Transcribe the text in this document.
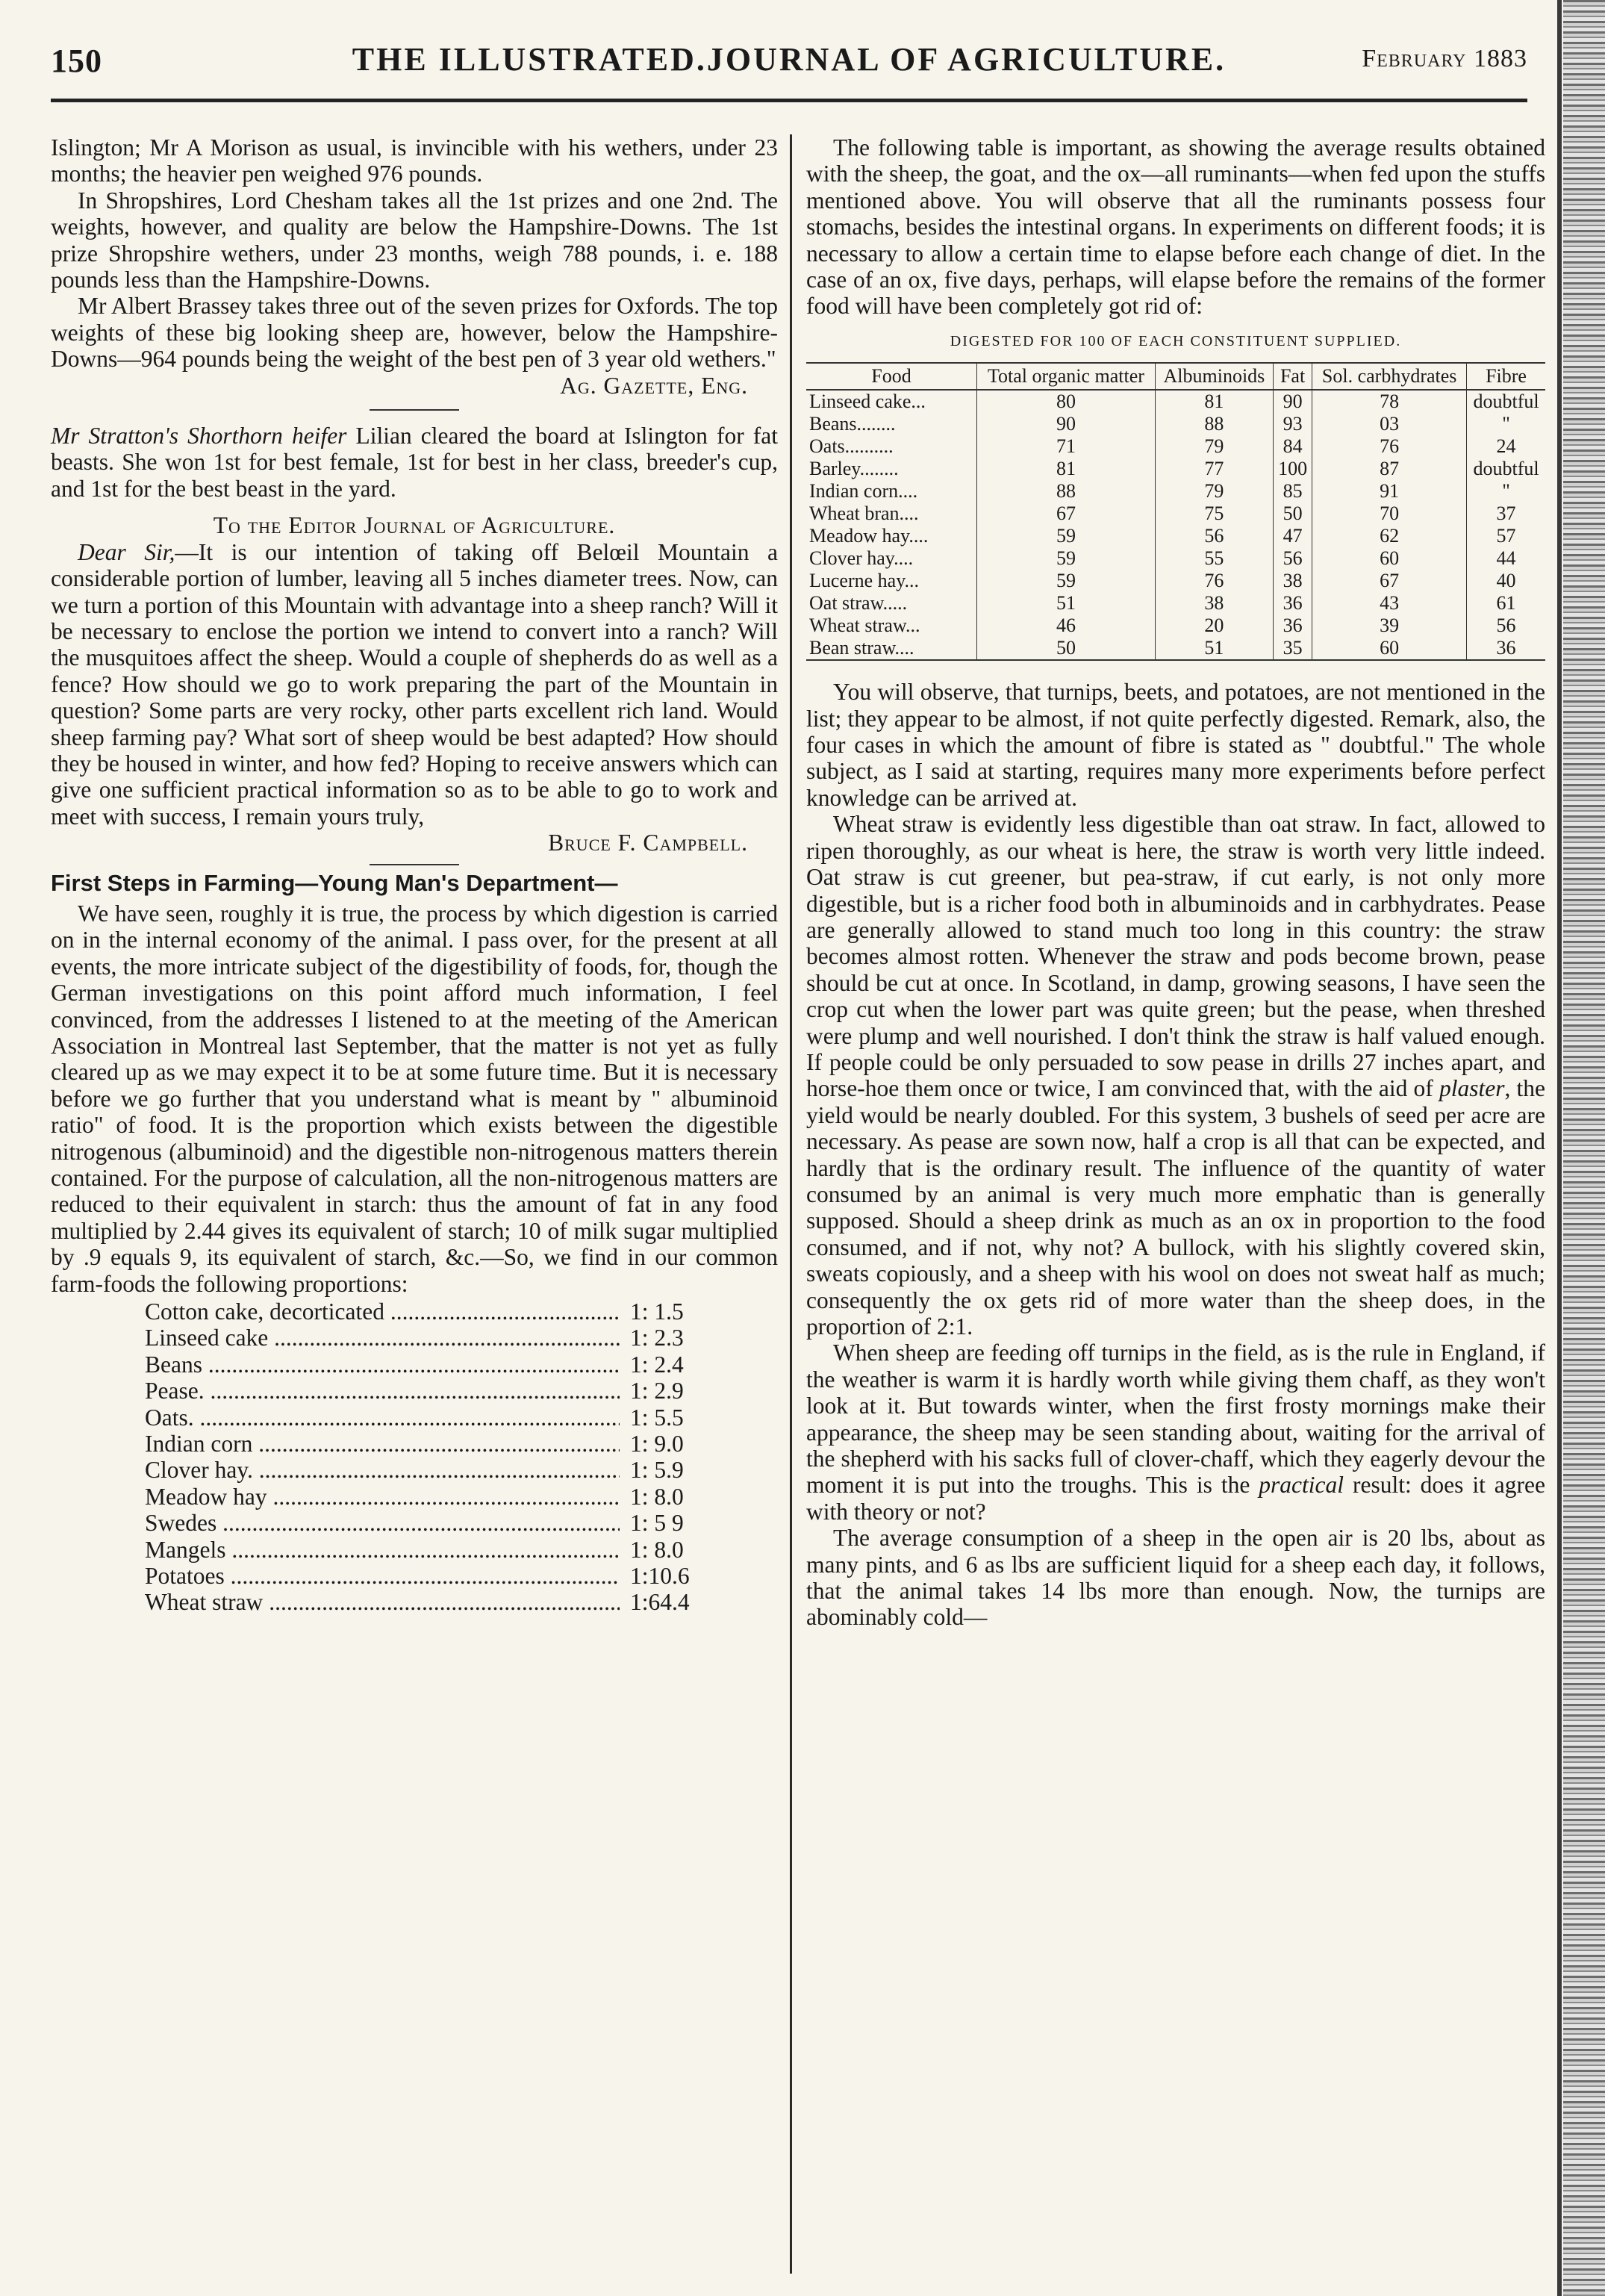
150	THE ILLUSTRATED.JOURNAL OF AGRICULTURE.	February 1883

Islington; Mr A Morison as usual, is invincible with his wethers, under 23 months; the heavier pen weighed 976 pounds.

In Shropshires, Lord Chesham takes all the 1st prizes and one 2nd. The weights, however, and quality are below the Hampshire-Downs. The 1st prize Shropshire wethers, under 23 months, weigh 788 pounds, i. e. 188 pounds less than the Hampshire-Downs.

Mr Albert Brassey takes three out of the seven prizes for Oxfords. The top weights of these big looking sheep are, however, below the Hampshire-Downs—964 pounds being the weight of the best pen of 3 year old wethers."

Ag. Gazette, Eng.

Mr Stratton's Shorthorn heifer Lilian cleared the board at Islington for fat beasts. She won 1st for best female, 1st for best in her class, breeder's cup, and 1st for the best beast in the yard.

To the Editor Journal of Agriculture.

Dear Sir,—It is our intention of taking off Belœil Mountain a considerable portion of lumber, leaving all 5 inches diameter trees. Now, can we turn a portion of this Mountain with advantage into a sheep ranch? Will it be necessary to enclose the portion we intend to convert into a ranch? Will the musquitoes affect the sheep. Would a couple of shepherds do as well as a fence? How should we go to work preparing the part of the Mountain in question? Some parts are very rocky, other parts excellent rich land. Would sheep farming pay? What sort of sheep would be best adapted? How should they be housed in winter, and how fed? Hoping to receive answers which can give one sufficient practical information so as to be able to go to work and meet with success, I remain yours truly,

Bruce F. Campbell.

First Steps in Farming—Young Man's Department—

We have seen, roughly it is true, the process by which digestion is carried on in the internal economy of the animal. I pass over, for the present at all events, the more intricate subject of the digestibility of foods, for, though the German investigations on this point afford much information, I feel convinced, from the addresses I listened to at the meeting of the American Association in Montreal last September, that the matter is not yet as fully cleared up as we may expect it to be at some future time. But it is necessary before we go further that you understand what is meant by " albuminoid ratio" of food. It is the proportion which exists between the digestible nitrogenous (albuminoid) and the digestible non-nitrogenous matters therein contained. For the purpose of calculation, all the non-nitrogenous matters are reduced to their equivalent in starch: thus the amount of fat in any food multiplied by 2.44 gives its equivalent of starch; 10 of milk sugar multiplied by .9 equals 9, its equivalent of starch, &c.—So, we find in our common farm-foods the following proportions:

Cotton cake, decorticated .....	1: 1.5
Linseed cake .....	1: 2.3
Beans .....	1: 2.4
Pease. .....	1: 2.9
Oats. .....	1: 5.5
Indian corn .....	1: 9.0
Clover hay. .....	1: 5.9
Meadow hay .....	1: 8.0
Swedes .....	1: 5 9
Mangels .....	1: 8.0
Potatoes .....	1:10.6
Wheat straw .....	1:64.4

The following table is important, as showing the average results obtained with the sheep, the goat, and the ox—all ruminants—when fed upon the stuffs mentioned above. You will observe that all the ruminants possess four stomachs, besides the intestinal organs. In experiments on different foods; it is necessary to allow a certain time to elapse before each change of diet. In the case of an ox, five days, perhaps, will elapse before the remains of the former food will have been completely got rid of:

DIGESTED FOR 100 OF EACH CONSTITUENT SUPPLIED.

Food	Total organic matter	Albuminoids	Fat	Sol. carbhydrates	Fibre
Linseed cake...	80	81	90	78	doubtful
Beans........	90	88	93	03	"
Oats..........	71	79	84	76	24
Barley........	81	77	100	87	doubtful
Indian corn....	88	79	85	91	"
Wheat bran....	67	75	50	70	37
Meadow hay....	59	56	47	62	57
Clover hay....	59	55	56	60	44
Lucerne hay...	59	76	38	67	40
Oat straw.....	51	38	36	43	61
Wheat straw...	46	20	36	39	56
Bean straw....	50	51	35	60	36

You will observe, that turnips, beets, and potatoes, are not mentioned in the list; they appear to be almost, if not quite perfectly digested. Remark, also, the four cases in which the amount of fibre is stated as " doubtful." The whole subject, as I said at starting, requires many more experiments before perfect knowledge can be arrived at.

Wheat straw is evidently less digestible than oat straw. In fact, allowed to ripen thoroughly, as our wheat is here, the straw is worth very little indeed. Oat straw is cut greener, but pea-straw, if cut early, is not only more digestible, but is a richer food both in albuminoids and in carbhydrates. Pease are generally allowed to stand much too long in this country: the straw becomes almost rotten. Whenever the straw and pods become brown, pease should be cut at once. In Scotland, in damp, growing seasons, I have seen the crop cut when the lower part was quite green; but the pease, when threshed were plump and well nourished. I don't think the straw is half valued enough. If people could be only persuaded to sow pease in drills 27 inches apart, and horse-hoe them once or twice, I am convinced that, with the aid of plaster, the yield would be nearly doubled. For this system, 3 bushels of seed per acre are necessary. As pease are sown now, half a crop is all that can be expected, and hardly that is the ordinary result. The influence of the quantity of water consumed by an animal is very much more emphatic than is generally supposed. Should a sheep drink as much as an ox in proportion to the food consumed, and if not, why not? A bullock, with his slightly covered skin, sweats copiously, and a sheep with his wool on does not sweat half as much; consequently the ox gets rid of more water than the sheep does, in the proportion of 2:1.

When sheep are feeding off turnips in the field, as is the rule in England, if the weather is warm it is hardly worth while giving them chaff, as they won't look at it. But towards winter, when the first frosty mornings make their appearance, the sheep may be seen standing about, waiting for the arrival of the shepherd with his sacks full of clover-chaff, which they eagerly devour the moment it is put into the troughs. This is the practical result: does it agree with theory or not?

The average consumption of a sheep in the open air is 20 lbs, about as many pints, and 6 as lbs are sufficient liquid for a sheep each day, it follows, that the animal takes 14 lbs more than enough. Now, the turnips are abominably cold—
